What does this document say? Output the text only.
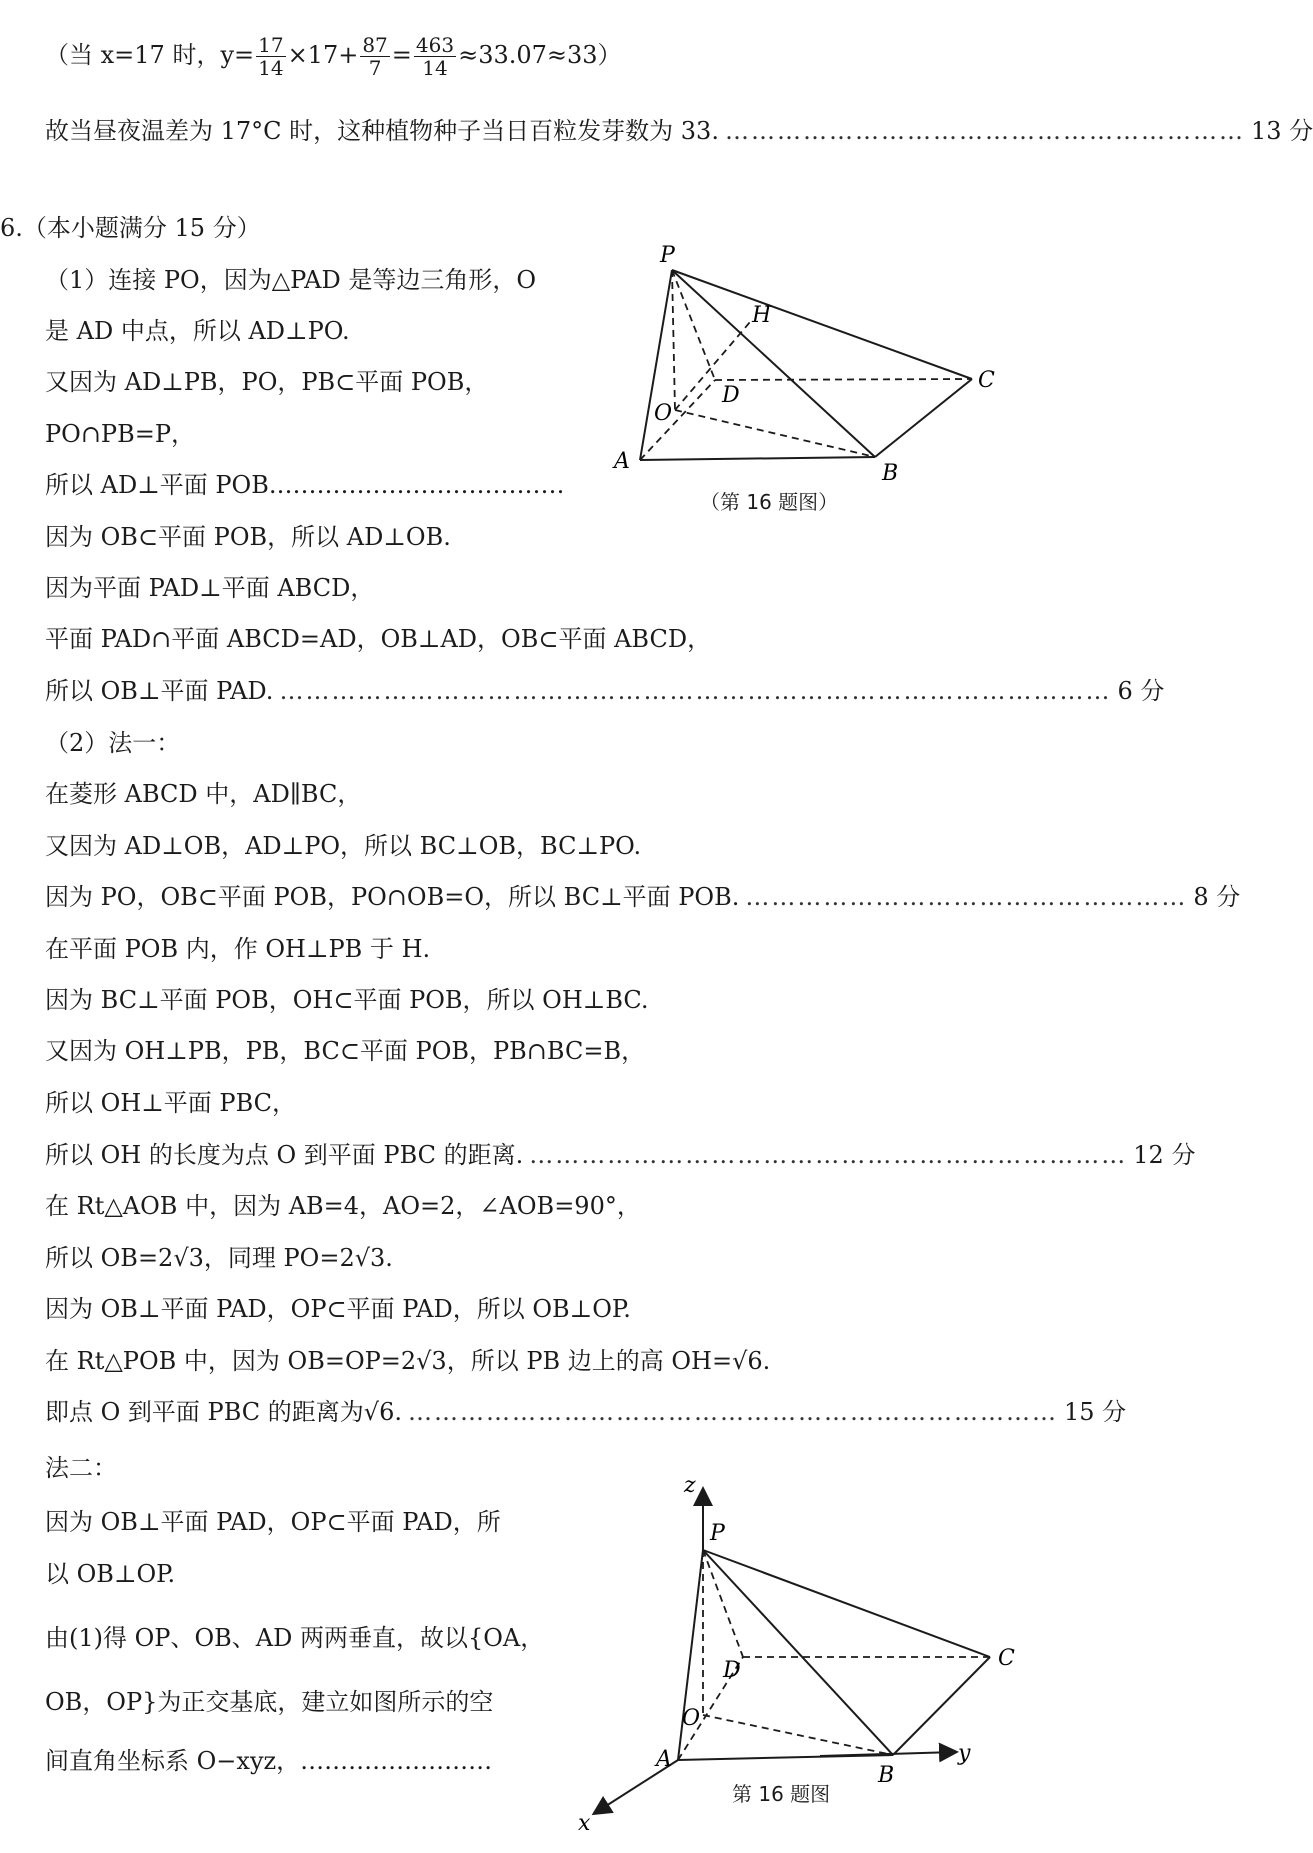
（当 x=17 时，$y= \frac{17}{14} \times 17+ \frac{87}{7} = \frac{463}{14} \approx 33.07\approx 33$）
故当昼夜温差为 17°C 时，这种植物种子当日百粒发芽数为 33. …………………………………………………… 13 分
6.（本小题满分 15 分）
（1）连接 PO，因为△PAD 是等边三角形，O
是 AD 中点，所以 AD⊥PO.
又因为 AD⊥PB，PO，PB⊂平面 POB，
PO∩PB=P，
所以 AD⊥平面 POB.………………………………
因为 OB⊂平面 POB，所以 AD⊥OB.
因为平面 PAD⊥平面 ABCD，
平面 PAD∩平面 ABCD=AD，OB⊥AD，OB⊂平面 ABCD，
所以 OB⊥平面 PAD. …………………………………………………………………………………… 6 分
（2）法一：
在菱形 ABCD 中，AD∥BC，
又因为 AD⊥OB，AD⊥PO，所以 BC⊥OB，BC⊥PO.
因为 PO，OB⊂平面 POB，PO∩OB=O，所以 BC⊥平面 POB. …………………………………………… 8 分
在平面 POB 内，作 OH⊥PB 于 H.
因为 BC⊥平面 POB，OH⊂平面 POB，所以 OH⊥BC.
又因为 OH⊥PB，PB，BC⊂平面 POB，PB∩BC=B，
所以 OH⊥平面 PBC，
所以 OH 的长度为点 O 到平面 PBC 的距离. …………………………………………………………… 12 分
在 Rt△AOB 中，因为 AB=4，AO=2，∠AOB=90°，
所以 OB=2√3，同理 PO=2√3.
因为 OB⊥平面 PAD，OP⊂平面 PAD，所以 OB⊥OP.
在 Rt△POB 中，因为 OB=OP=2√3，所以 PB 边上的高 OH=√6.
即点 O 到平面 PBC 的距离为√6. ………………………………………………………………… 15 分
法二：
因为 OB⊥平面 PAD，OP⊂平面 PAD，所
以 OB⊥OP.
由(1)得 OP、OB、AD 两两垂直，故以{OA，
OB，OP}为正交基底，建立如图所示的空
间直角坐标系 O−xyz，……………………
P
H
C
D
O
A	B
（第 16 题图）
z
P
D	C
O
A
B
y
x
第 16 题图
